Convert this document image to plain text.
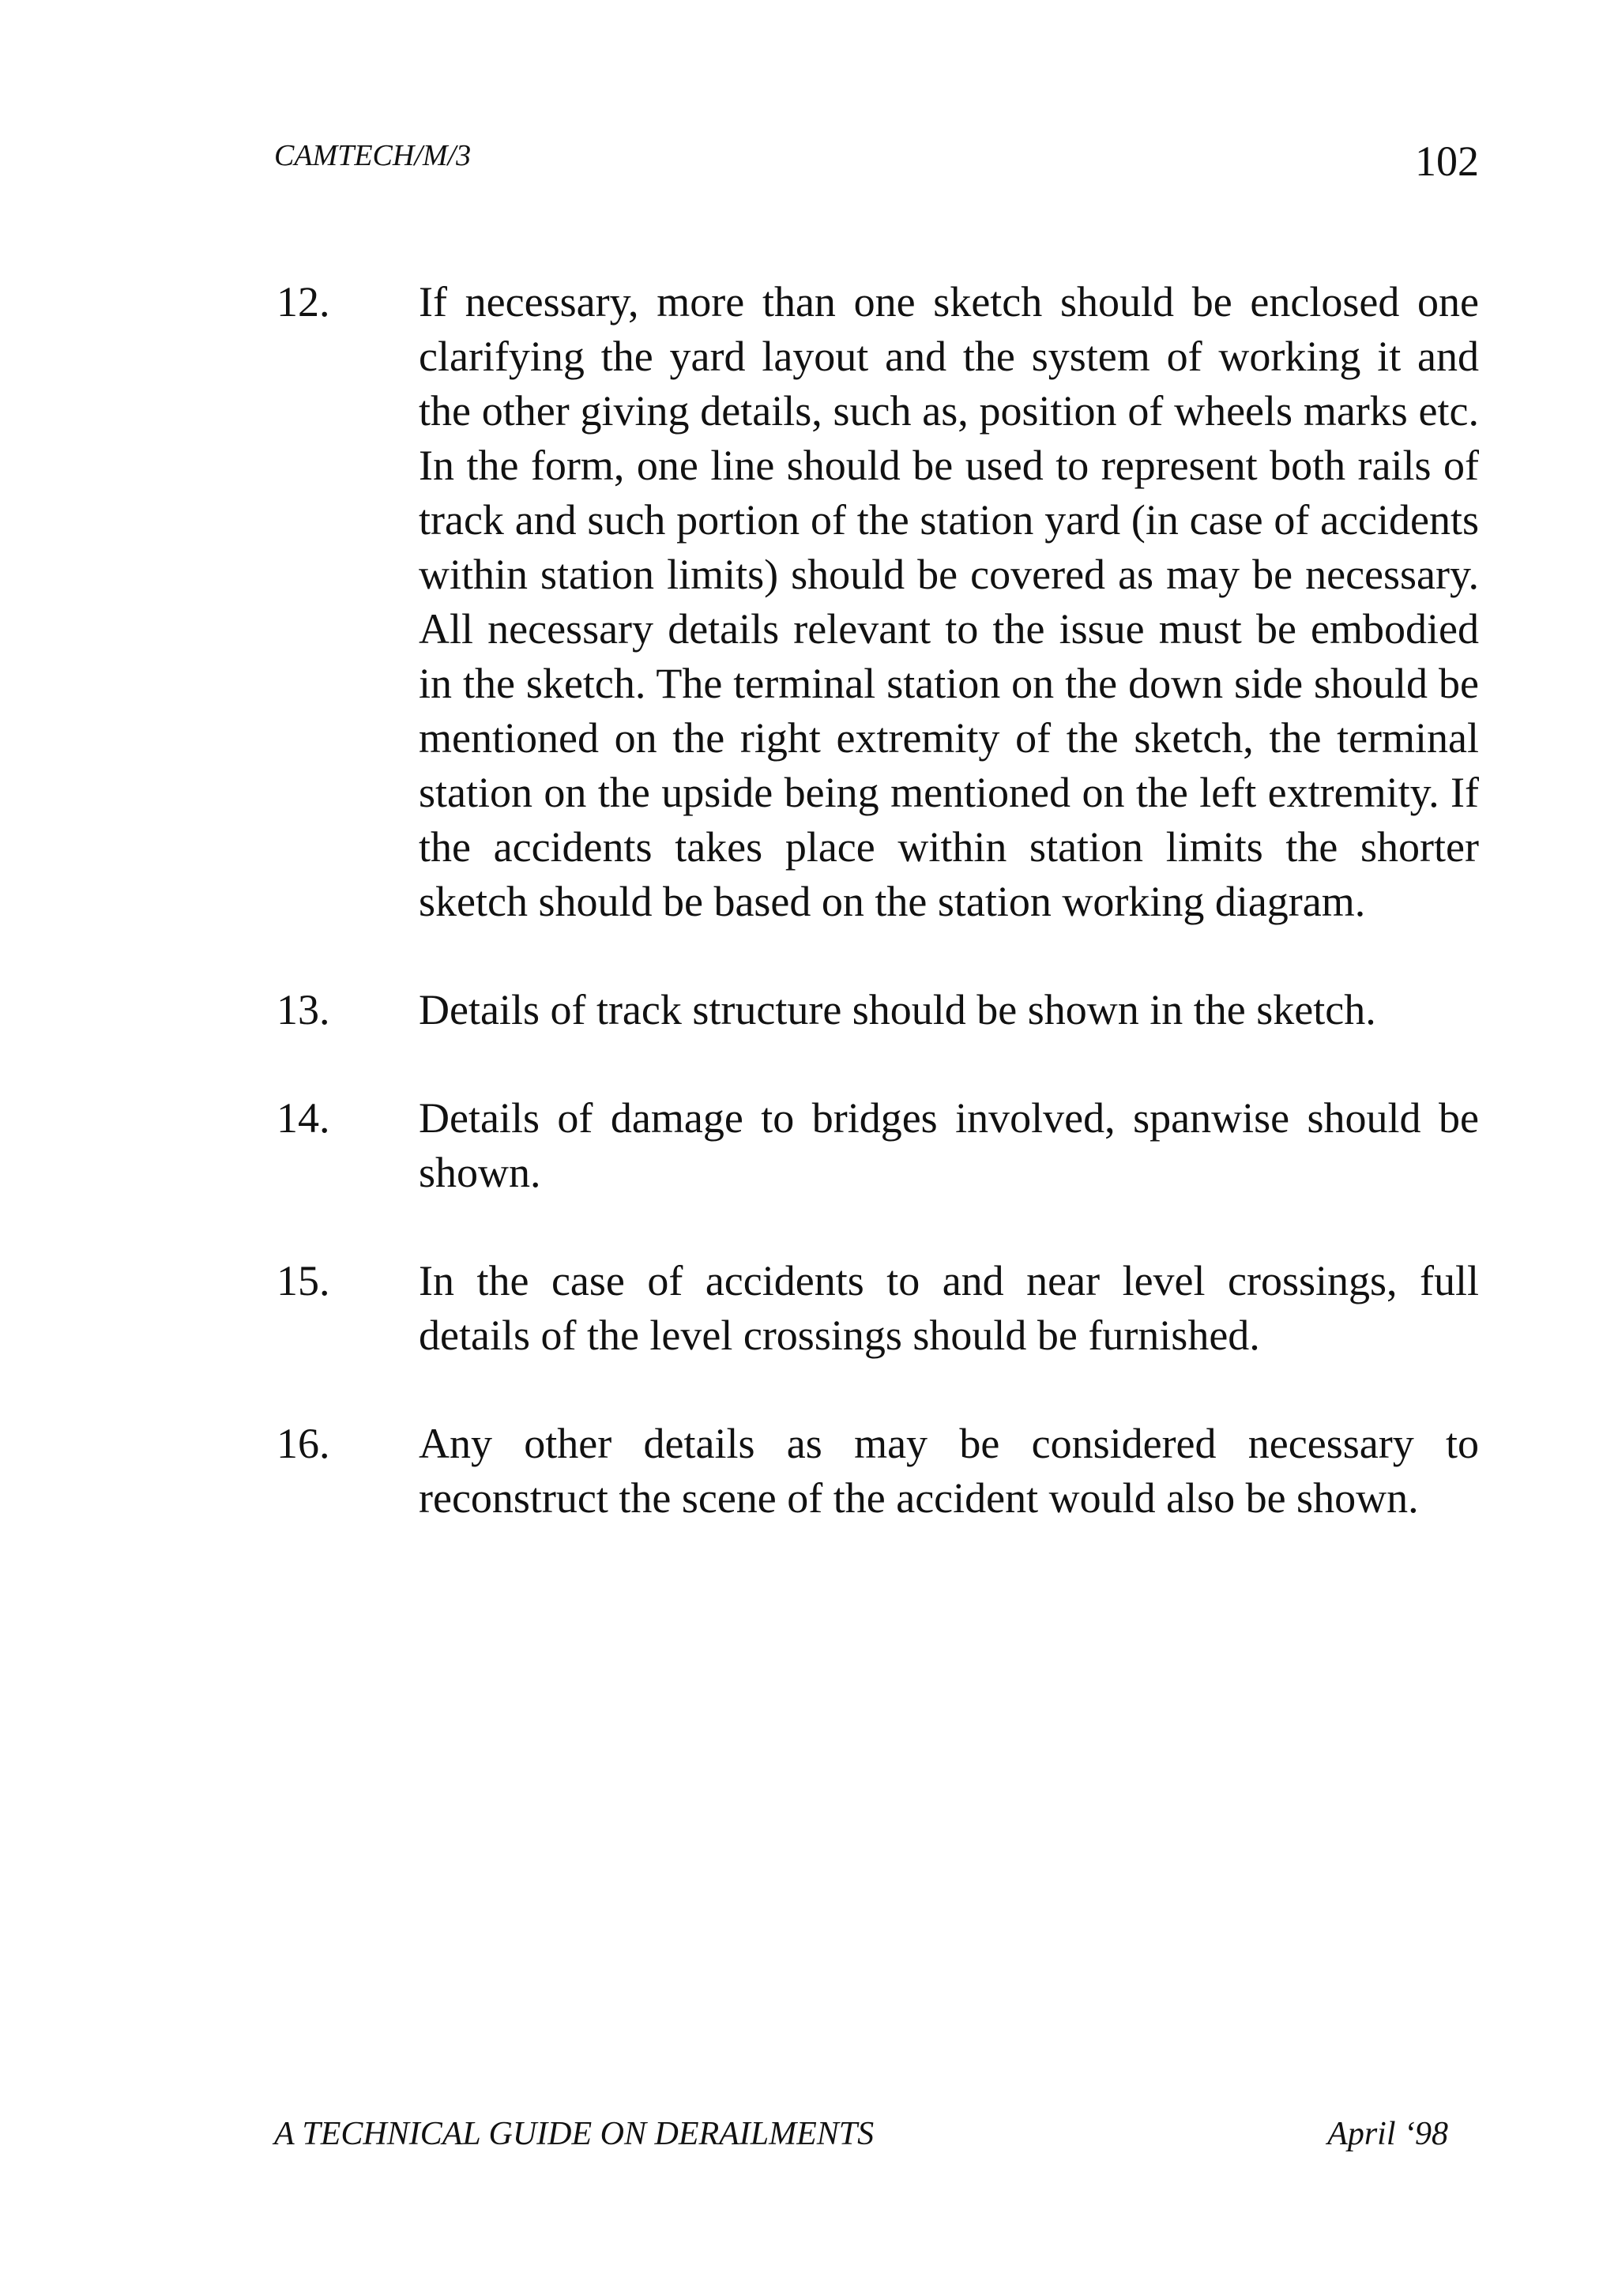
CAMTECH/M/3	102
12.	If necessary, more than one sketch should be enclosed one clarifying the yard layout and the system of working it and the other giving details, such as, position of wheels marks etc. In the form, one line should be used to represent both rails of track and such portion of the station yard (in case of accidents within station limits) should be covered as may be necessary. All necessary details relevant to the issue must be embodied in the sketch. The terminal station on the down side should be mentioned on the right extremity of the sketch, the terminal station on the upside being mentioned on the left extremity. If the accidents takes place within station limits the shorter sketch should be based on the station working diagram.
13.	Details of track structure should be shown in the sketch.
14.	Details of damage to bridges involved, spanwise should be shown.
15.	In the case of accidents to and near level crossings, full details of the level crossings should be furnished.
16.	Any other details as may be considered necessary to reconstruct the scene of the accident would also be shown.
A TECHNICAL GUIDE ON DERAILMENTS	April ‘98
